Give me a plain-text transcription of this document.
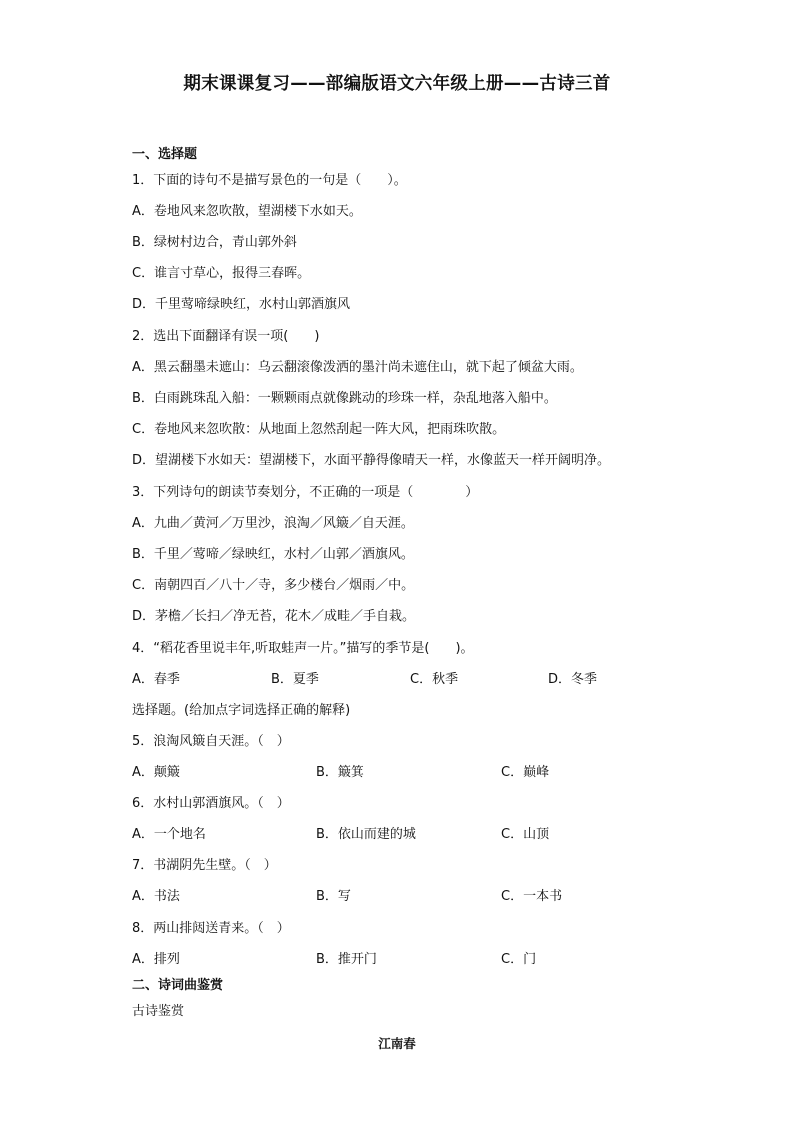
期末课课复习——部编版语文六年级上册——古诗三首
一、选择题
1．下面的诗句不是描写景色的一句是（　　）。
A．卷地风来忽吹散，望湖楼下水如天。
B．绿树村边合，青山郭外斜
C．谁言寸草心，报得三春晖。
D．千里莺啼绿映红，水村山郭酒旗风
2．选出下面翻译有误一项(　　)
A．黑云翻墨未遮山：乌云翻滚像泼洒的墨汁尚未遮住山，就下起了倾盆大雨。
B．白雨跳珠乱入船：一颗颗雨点就像跳动的珍珠一样，杂乱地落入船中。
C．卷地风来忽吹散：从地面上忽然刮起一阵大风，把雨珠吹散。
D．望湖楼下水如天：望湖楼下，水面平静得像晴天一样，水像蓝天一样开阔明净。
3．下列诗句的朗读节奏划分，不正确的一项是（　　　　）
A．九曲／黄河／万里沙，浪淘／风簸／自天涯。
B．千里／莺啼／绿映红，水村／山郭／酒旗风。
C．南朝四百／八十／寺，多少楼台／烟雨／中。
D．茅檐／长扫／净无苔，花木／成畦／手自栽。
4．“稻花香里说丰年,听取蛙声一片。”描写的季节是(　　)。
A．春季	B．夏季	C．秋季	D．冬季
选择题。(给加点字词选择正确的解释)
5．浪淘风簸自天涯。（　）
A．颠簸	B．簸箕	C．巅峰
6．水村山郭酒旗风。（　）
A．一个地名	B．依山而建的城	C．山顶
7．书湖阴先生壁。（　）
A．书法	B．写	C．一本书
8．两山排闼送青来。（　）
A．排列	B．推开门	C．门
二、诗词曲鉴赏
古诗鉴赏
江南春
